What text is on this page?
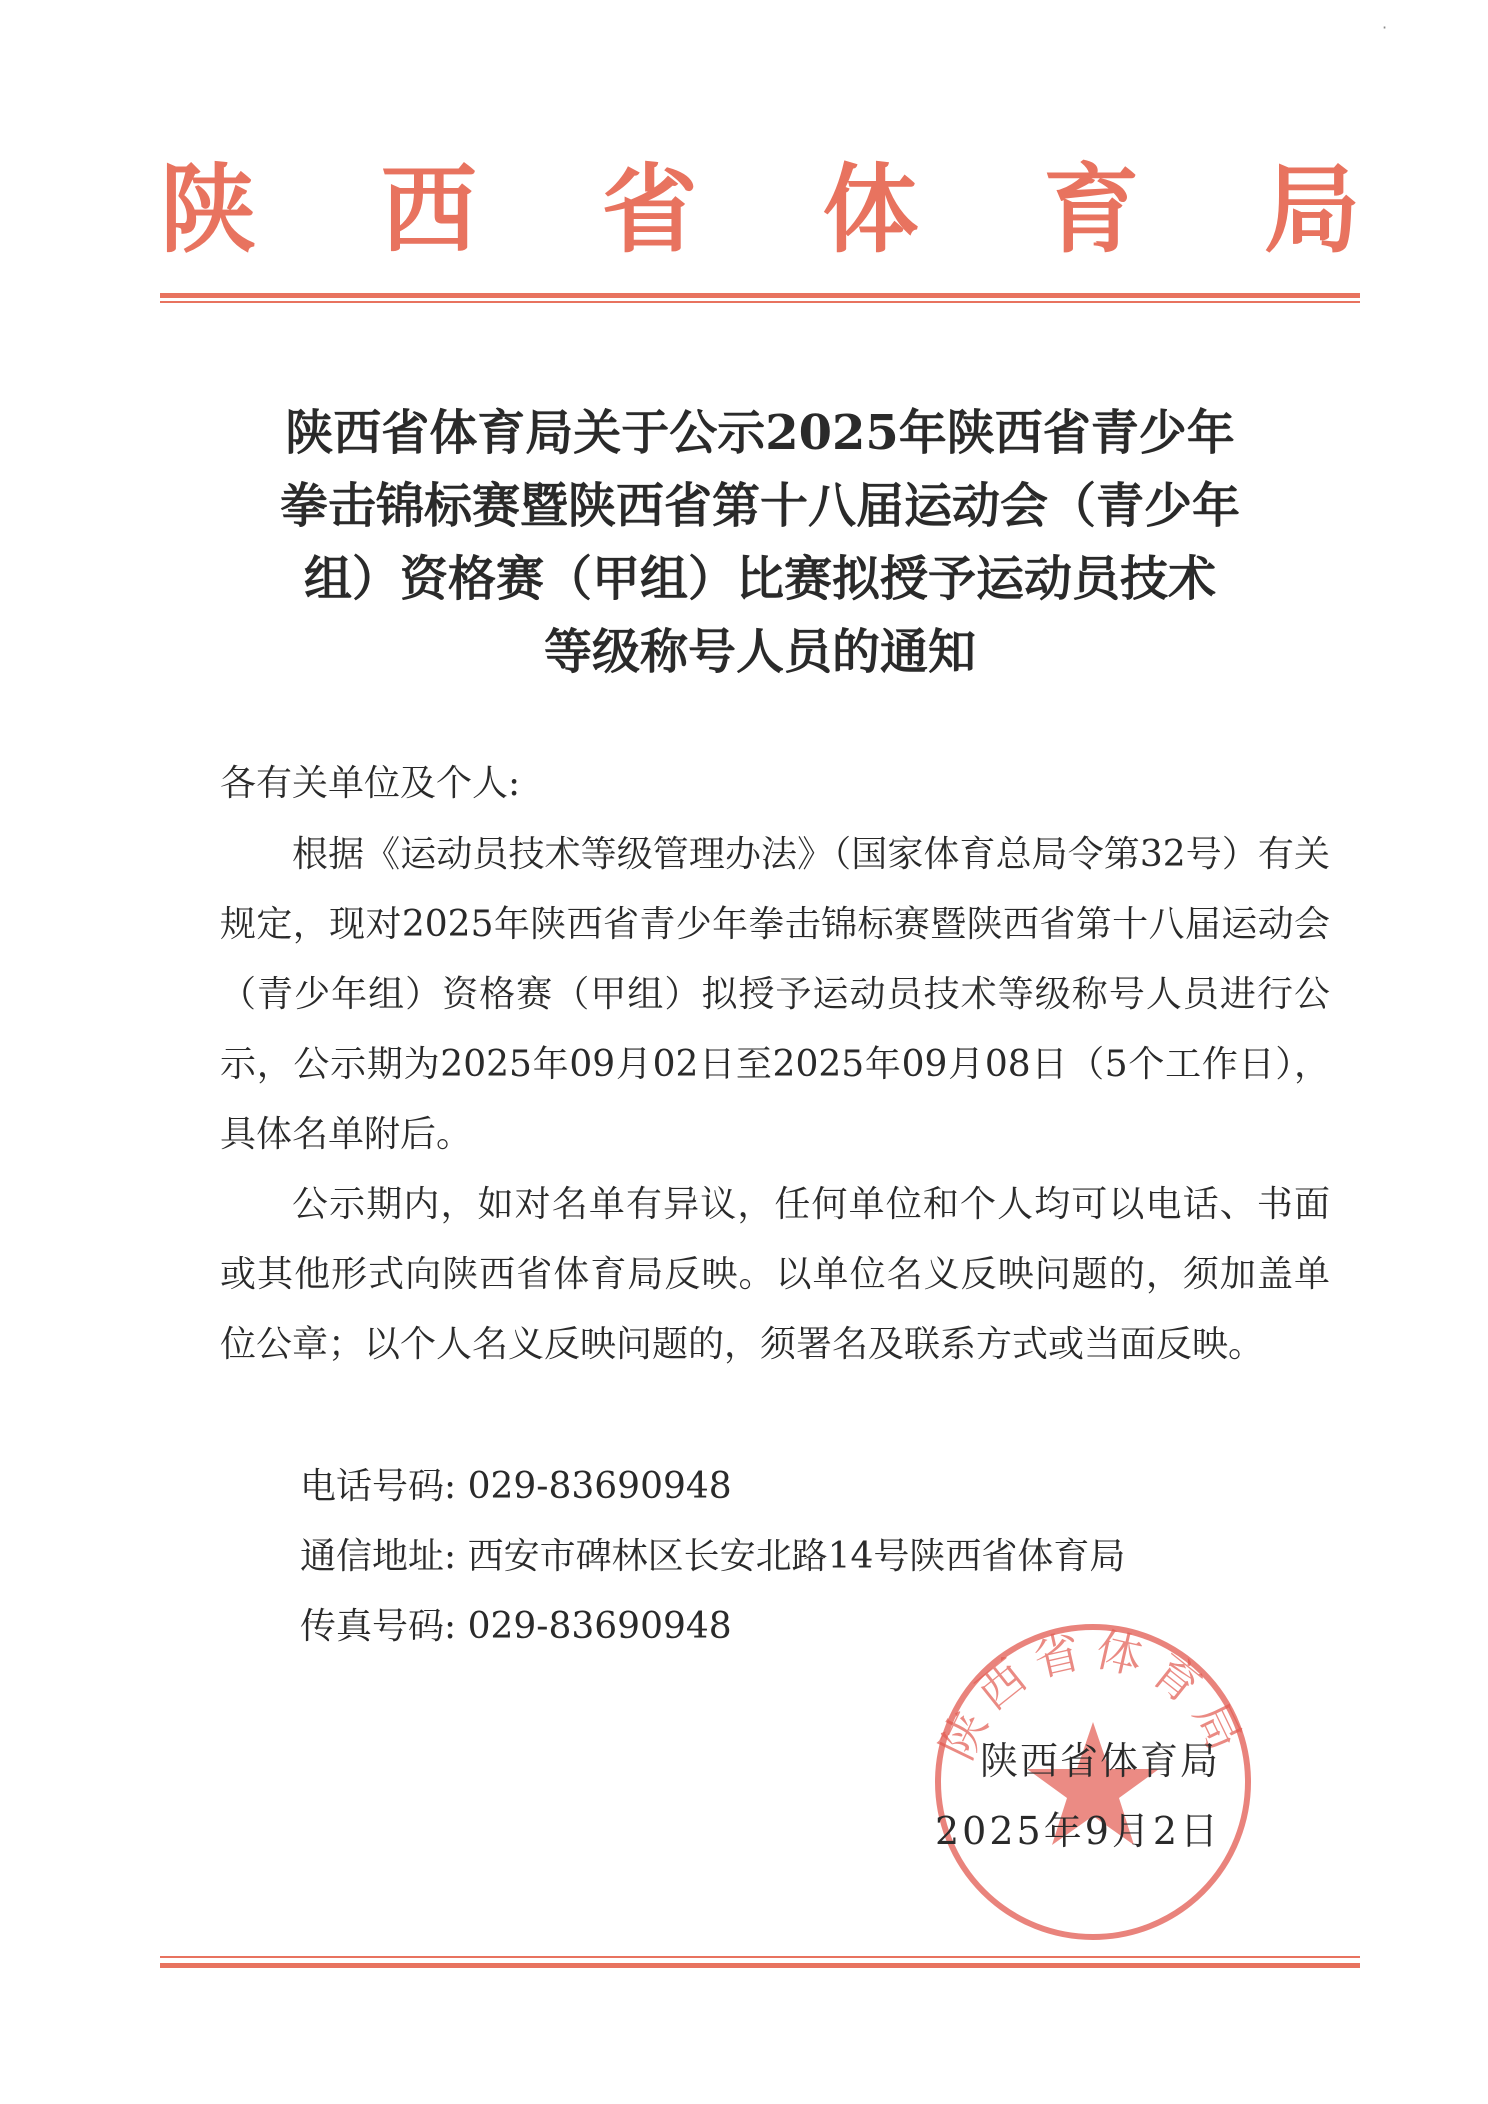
·
陕 西 省 体 育 局
陕西省体育局关于公示2025年陕西省青少年
拳击锦标赛暨陕西省第十八届运动会（青少年
组）资格赛（甲组）比赛拟授予运动员技术
等级称号人员的通知
各有关单位及个人:
根据《运动员技术等级管理办法》（国家体育总局令第32号）有关规定，现对2025年陕西省青少年拳击锦标赛暨陕西省第十八届运动会（青少年组）资格赛（甲组）拟授予运动员技术等级称号人员进行公示，公示期为2025年09月02日至2025年09月08日（5个工作日），具体名单附后。
公示期内，如对名单有异议，任何单位和个人均可以电话、书面或其他形式向陕西省体育局反映。以单位名义反映问题的，须加盖单位公章；以个人名义反映问题的，须署名及联系方式或当面反映。
电话号码: 029-83690948
通信地址: 西安市碑林区长安北路14号陕西省体育局
传真号码: 029-83690948
陕西省体育局
陕西省体育局
2025年9月2日
